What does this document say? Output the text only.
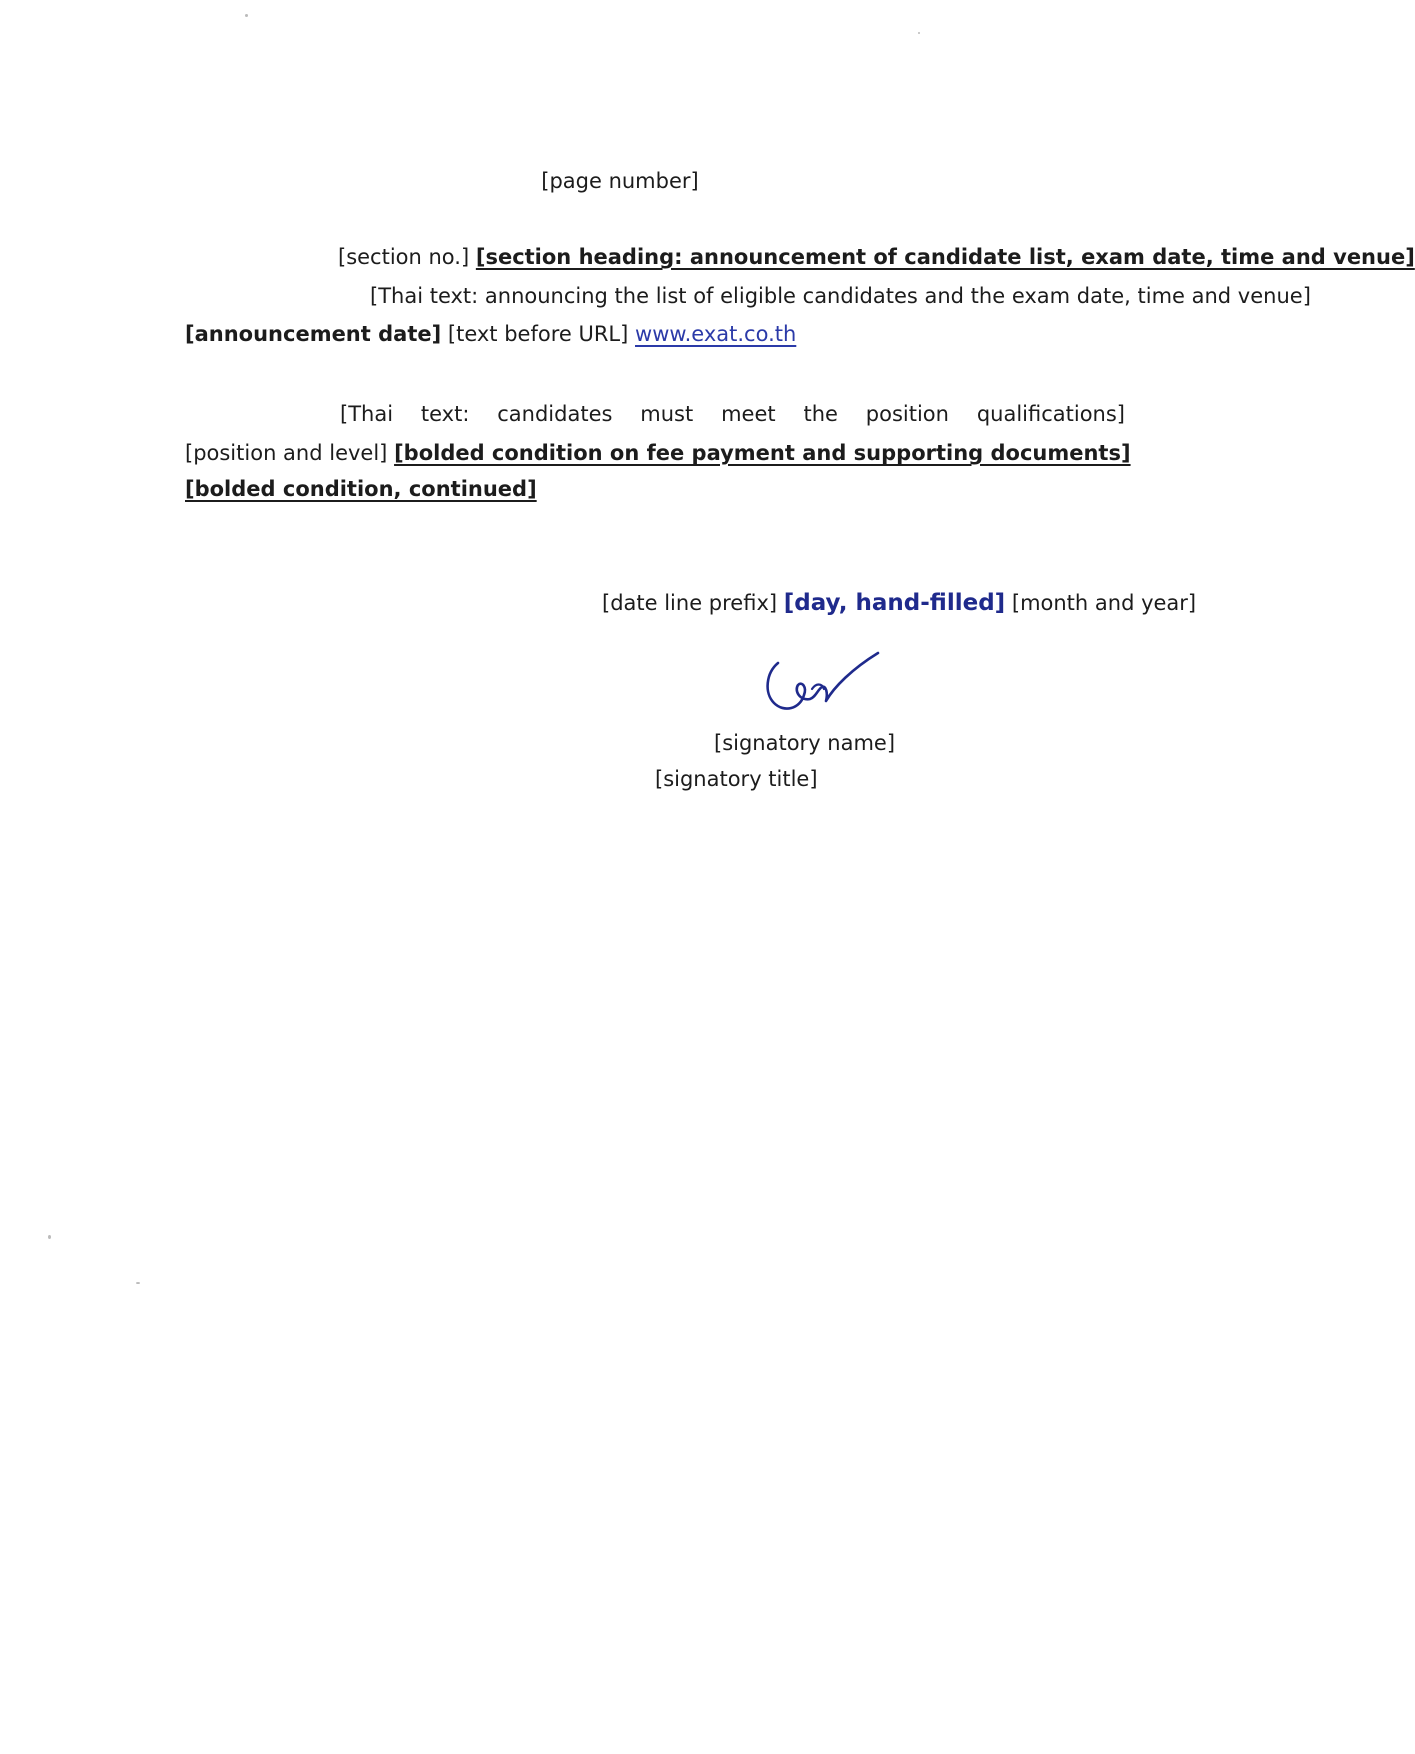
[page number]
[section no.] [section heading: announcement of candidate list, exam date, time and venue]
[Thai text: announcing the list of eligible candidates and the exam date, time and venue]
[announcement date] [text before URL] www.exat.co.th
[Thai text: candidates must meet the position qualifications]
[position and level] [bolded condition on fee payment and supporting documents]
[bolded condition, continued]
[date line prefix] [day, hand-filled] [month and year]
[signatory name]
[signatory title]
